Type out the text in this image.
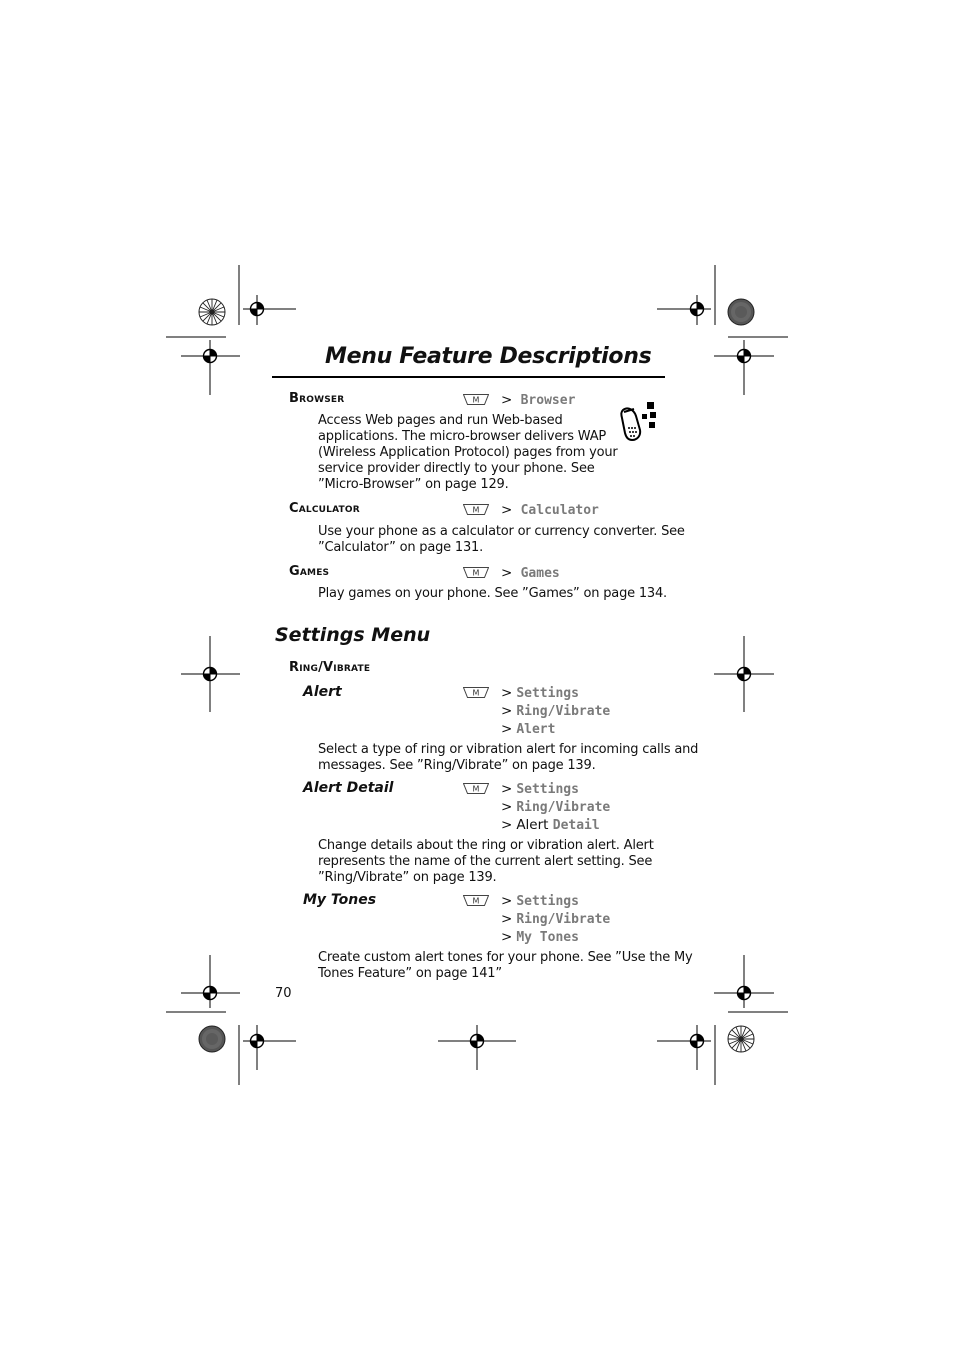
Menu Feature Descriptions
Browser	M > Browser
Access Web pages and run Web-based
applications. The micro-browser delivers WAP
(Wireless Application Protocol) pages from your
service provider directly to your phone. See
”Micro-Browser” on page 129.
Calculator	M > Calculator
Use your phone as a calculator or currency converter. See
”Calculator” on page 131.
Games	M > Games
Play games on your phone. See ”Games” on page 134.
Settings Menu
Ring/Vibrate
Alert	M > Settings
> Ring/Vibrate
> Alert
Select a type of ring or vibration alert for incoming calls and
messages. See ”Ring/Vibrate” on page 139.
Alert Detail	M > Settings
> Ring/Vibrate
> Alert Detail
Change details about the ring or vibration alert. Alert
represents the name of the current alert setting. See
”Ring/Vibrate” on page 139.
My Tones	M > Settings
> Ring/Vibrate
> My Tones
Create custom alert tones for your phone. See ”Use the My
Tones Feature” on page 141”
70
